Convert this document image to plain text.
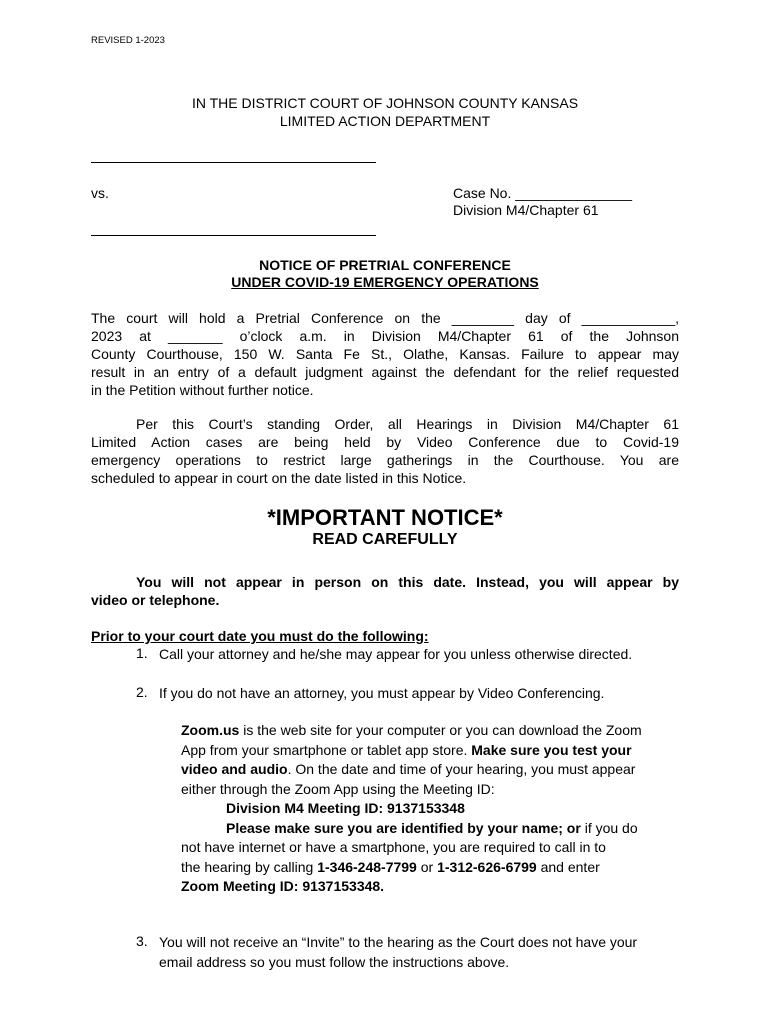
REVISED 1-2023
IN THE DISTRICT COURT OF JOHNSON COUNTY KANSAS
LIMITED ACTION DEPARTMENT
vs.	Case No. _______________
Division M4/Chapter 61
NOTICE OF PRETRIAL CONFERENCE
UNDER COVID-19 EMERGENCY OPERATIONS
The court will hold a Pretrial Conference on the ________ day of ____________,
2023 at _______ o’clock a.m. in Division M4/Chapter 61 of the Johnson
County Courthouse, 150 W. Santa Fe St., Olathe, Kansas. Failure to appear may
result in an entry of a default judgment against the defendant for the relief requested
in the Petition without further notice.
Per this Court’s standing Order, all Hearings in Division M4/Chapter 61
Limited Action cases are being held by Video Conference due to Covid-19
emergency operations to restrict large gatherings in the Courthouse. You are
scheduled to appear in court on the date listed in this Notice.
*IMPORTANT NOTICE*
READ CAREFULLY
You will not appear in person on this date. Instead, you will appear by
video or telephone.
Prior to your court date you must do the following:
1. Call your attorney and he/she may appear for you unless otherwise directed.
2. If you do not have an attorney, you must appear by Video Conferencing.
Zoom.us is the web site for your computer or you can download the Zoom
App from your smartphone or tablet app store. Make sure you test your
video and audio. On the date and time of your hearing, you must appear
either through the Zoom App using the Meeting ID:
Division M4 Meeting ID: 9137153348
Please make sure you are identified by your name; or if you do
not have internet or have a smartphone, you are required to call in to
the hearing by calling 1-346-248-7799 or 1-312-626-6799 and enter
Zoom Meeting ID: 9137153348.
3. You will not receive an “Invite” to the hearing as the Court does not have your
email address so you must follow the instructions above.
